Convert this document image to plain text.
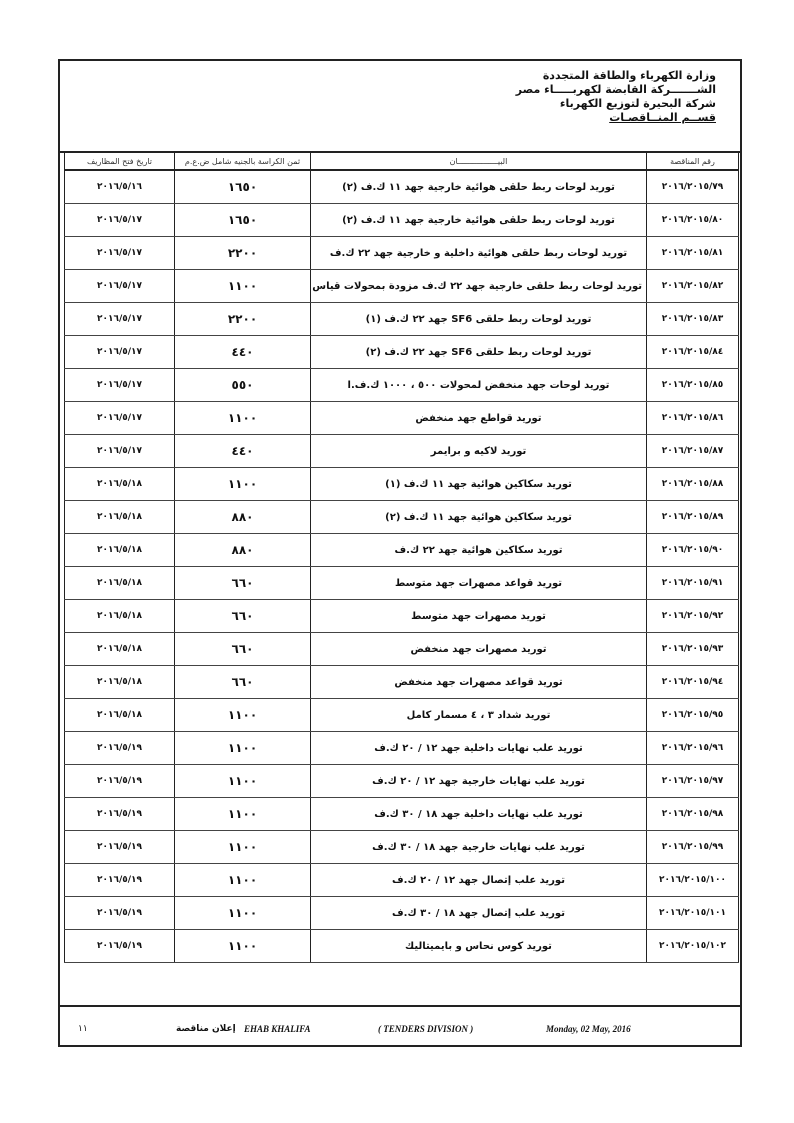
وزارة الكهرباء والطاقة المتجددة
الشـــــــركة القابضة لكهربـــــاء مصر
شركة البحيرة لتوزيع الكهرباء
قســم المنــاقصـات
رقم المناقصة	البيـــــــــــــــــان	ثمن الكراسة بالجنيه شامل ض.ع.م	تاريخ فتح المظاريف
٢٠١٦/٢٠١٥/٧٩	توريد لوحات ربط حلقى هوائية خارجية جهد ١١ ك.ف (٢)	١٦٥٠	٢٠١٦/٥/١٦
٢٠١٦/٢٠١٥/٨٠	توريد لوحات ربط حلقى هوائية خارجية جهد ١١ ك.ف (٢)	١٦٥٠	٢٠١٦/٥/١٧
٢٠١٦/٢٠١٥/٨١	توريد لوحات ربط حلقى هوائية داخلية و خارجية جهد ٢٢ ك.ف	٢٢٠٠	٢٠١٦/٥/١٧
٢٠١٦/٢٠١٥/٨٢	توريد لوحات ربط حلقى خارجية جهد ٢٢ ك.ف مزودة بمحولات قياس	١١٠٠	٢٠١٦/٥/١٧
٢٠١٦/٢٠١٥/٨٣	توريد لوحات ربط حلقى SF6 جهد ٢٢ ك.ف (١)	٢٢٠٠	٢٠١٦/٥/١٧
٢٠١٦/٢٠١٥/٨٤	توريد لوحات ربط حلقى SF6 جهد ٢٢ ك.ف (٢)	٤٤٠	٢٠١٦/٥/١٧
٢٠١٦/٢٠١٥/٨٥	توريد لوحات جهد منخفض لمحولات ٥٠٠ ، ١٠٠٠ ك.ف.ا	٥٥٠	٢٠١٦/٥/١٧
٢٠١٦/٢٠١٥/٨٦	توريد قواطع جهد منخفض	١١٠٠	٢٠١٦/٥/١٧
٢٠١٦/٢٠١٥/٨٧	توريد لاكيه و برايمر	٤٤٠	٢٠١٦/٥/١٧
٢٠١٦/٢٠١٥/٨٨	توريد سكاكين هوائية جهد ١١ ك.ف (١)	١١٠٠	٢٠١٦/٥/١٨
٢٠١٦/٢٠١٥/٨٩	توريد سكاكين هوائية جهد ١١ ك.ف (٢)	٨٨٠	٢٠١٦/٥/١٨
٢٠١٦/٢٠١٥/٩٠	توريد سكاكين هوائية جهد ٢٢ ك.ف	٨٨٠	٢٠١٦/٥/١٨
٢٠١٦/٢٠١٥/٩١	توريد قواعد مصهرات جهد متوسط	٦٦٠	٢٠١٦/٥/١٨
٢٠١٦/٢٠١٥/٩٢	توريد مصهرات جهد متوسط	٦٦٠	٢٠١٦/٥/١٨
٢٠١٦/٢٠١٥/٩٣	توريد مصهرات جهد منخفض	٦٦٠	٢٠١٦/٥/١٨
٢٠١٦/٢٠١٥/٩٤	توريد قواعد مصهرات جهد منخفض	٦٦٠	٢٠١٦/٥/١٨
٢٠١٦/٢٠١٥/٩٥	توريد شداد ٣ ، ٤ مسمار كامل	١١٠٠	٢٠١٦/٥/١٨
٢٠١٦/٢٠١٥/٩٦	توريد علب نهايات داخلية جهد ١٢ / ٢٠ ك.ف	١١٠٠	٢٠١٦/٥/١٩
٢٠١٦/٢٠١٥/٩٧	توريد علب نهايات خارجية جهد ١٢ / ٢٠ ك.ف	١١٠٠	٢٠١٦/٥/١٩
٢٠١٦/٢٠١٥/٩٨	توريد علب نهايات داخلية جهد ١٨ / ٣٠ ك.ف	١١٠٠	٢٠١٦/٥/١٩
٢٠١٦/٢٠١٥/٩٩	توريد علب نهايات خارجية جهد ١٨ / ٣٠ ك.ف	١١٠٠	٢٠١٦/٥/١٩
٢٠١٦/٢٠١٥/١٠٠	توريد علب إتصال جهد ١٢ / ٢٠ ك.ف	١١٠٠	٢٠١٦/٥/١٩
٢٠١٦/٢٠١٥/١٠١	توريد علب إتصال جهد ١٨ / ٣٠ ك.ف	١١٠٠	٢٠١٦/٥/١٩
٢٠١٦/٢٠١٥/١٠٢	توريد كوس نحاس و بايميتاليك	١١٠٠	٢٠١٦/٥/١٩
١١	إعلان مناقصة EHAB KHALIFA	( TENDERS DIVISION )	Monday, 02 May, 2016
